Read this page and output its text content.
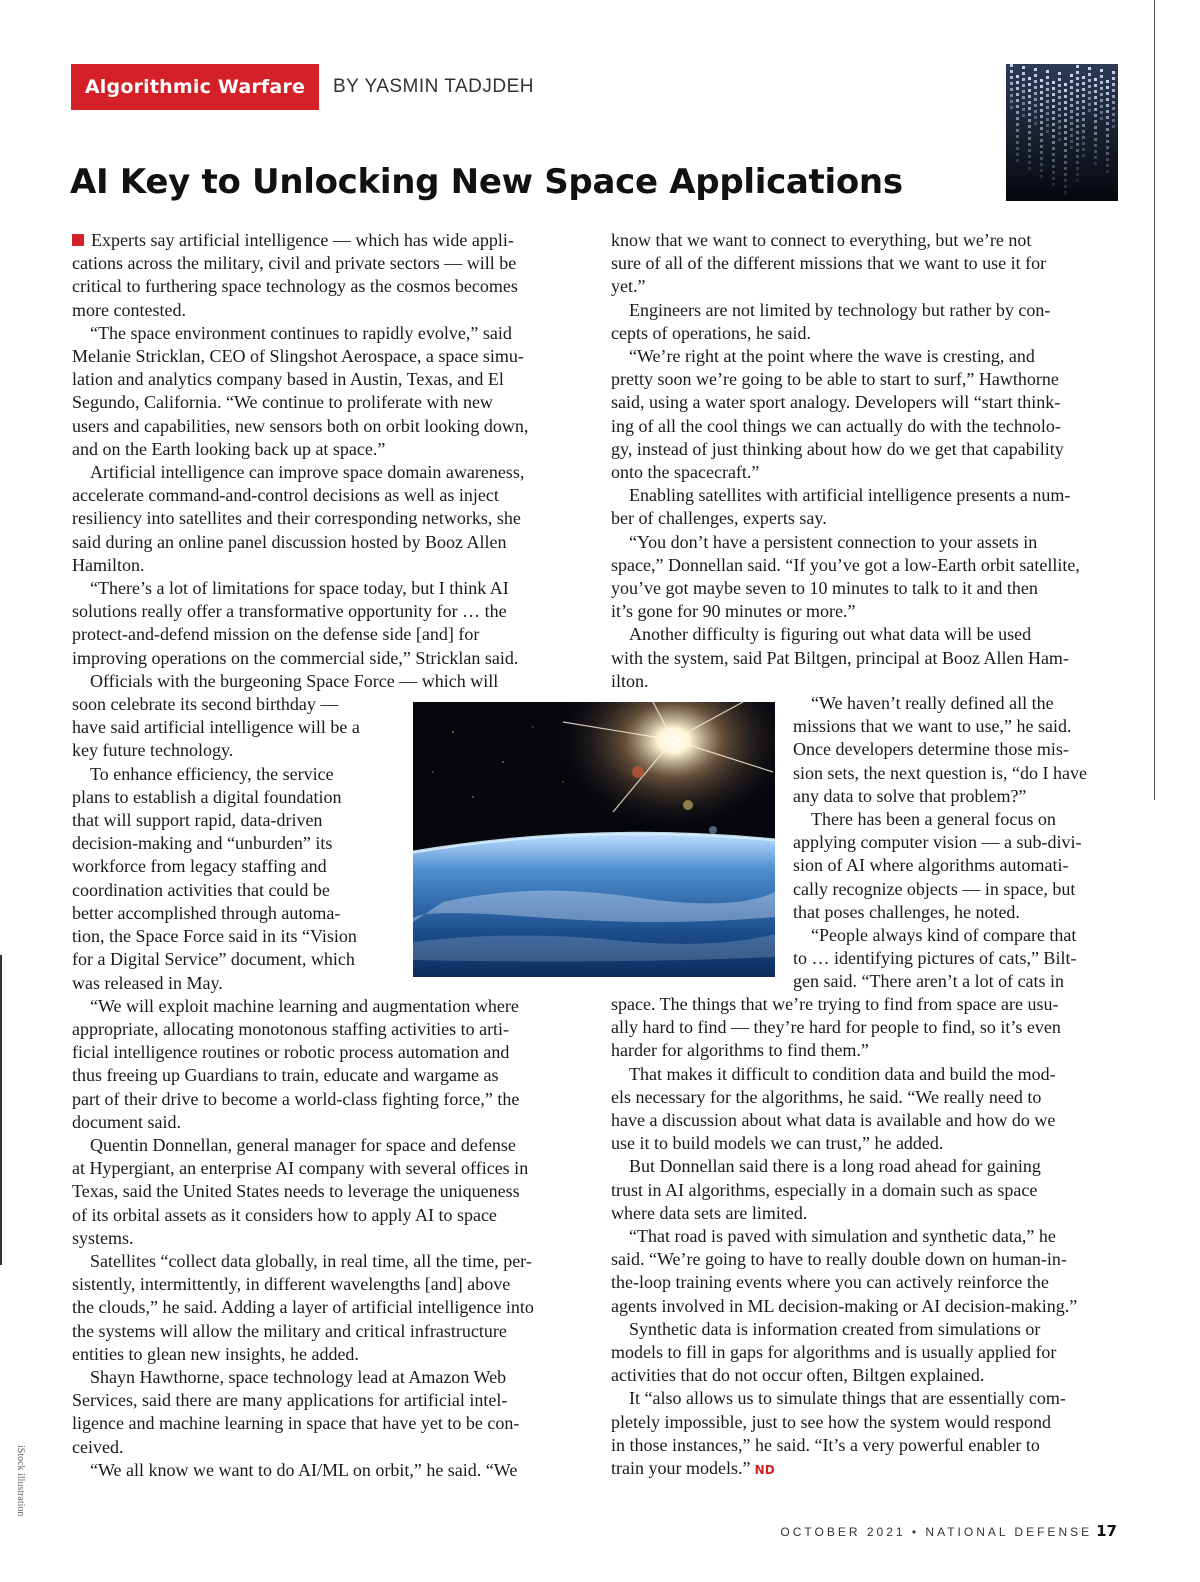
Algorithmic Warfare	BY YASMIN TADJDEH
AI Key to Unlocking New Space Applications

Experts say artificial intelligence — which has wide appli-
cations across the military, civil and private sectors — will be
critical to furthering space technology as the cosmos becomes
more contested.

“The space environment continues to rapidly evolve,” said
Melanie Stricklan, CEO of Slingshot Aerospace, a space simu-
lation and analytics company based in Austin, Texas, and El
Segundo, California. “We continue to proliferate with new
users and capabilities, new sensors both on orbit looking down,
and on the Earth looking back up at space.”

Artificial intelligence can improve space domain awareness,
accelerate command-and-control decisions as well as inject
resiliency into satellites and their corresponding networks, she
said during an online panel discussion hosted by Booz Allen
Hamilton.

“There’s a lot of limitations for space today, but I think AI
solutions really offer a transformative opportunity for … the
protect-and-defend mission on the defense side [and] for
improving operations on the commercial side,” Stricklan said.

Officials with the burgeoning Space Force — which will
soon celebrate its second birthday —
have said artificial intelligence will be a
key future technology.

To enhance efficiency, the service
plans to establish a digital foundation
that will support rapid, data-driven
decision-making and “unburden” its
workforce from legacy staffing and
coordination activities that could be
better accomplished through automa-
tion, the Space Force said in its “Vision
for a Digital Service” document, which
was released in May.

“We will exploit machine learning and augmentation where
appropriate, allocating monotonous staffing activities to arti-
ficial intelligence routines or robotic process automation and
thus freeing up Guardians to train, educate and wargame as
part of their drive to become a world-class fighting force,” the
document said.

Quentin Donnellan, general manager for space and defense
at Hypergiant, an enterprise AI company with several offices in
Texas, said the United States needs to leverage the uniqueness
of its orbital assets as it considers how to apply AI to space
systems.

Satellites “collect data globally, in real time, all the time, per-
sistently, intermittently, in different wavelengths [and] above
the clouds,” he said. Adding a layer of artificial intelligence into
the systems will allow the military and critical infrastructure
entities to glean new insights, he added.

Shayn Hawthorne, space technology lead at Amazon Web
Services, said there are many applications for artificial intel-
ligence and machine learning in space that have yet to be con-
ceived.

“We all know we want to do AI/ML on orbit,” he said. “We

know that we want to connect to everything, but we’re not
sure of all of the different missions that we want to use it for
yet.”

Engineers are not limited by technology but rather by con-
cepts of operations, he said.

“We’re right at the point where the wave is cresting, and
pretty soon we’re going to be able to start to surf,” Hawthorne
said, using a water sport analogy. Developers will “start think-
ing of all the cool things we can actually do with the technolo-
gy, instead of just thinking about how do we get that capability
onto the spacecraft.”

Enabling satellites with artificial intelligence presents a num-
ber of challenges, experts say.

“You don’t have a persistent connection to your assets in
space,” Donnellan said. “If you’ve got a low-Earth orbit satellite,
you’ve got maybe seven to 10 minutes to talk to it and then
it’s gone for 90 minutes or more.”

Another difficulty is figuring out what data will be used
with the system, said Pat Biltgen, principal at Booz Allen Ham-
ilton.

“We haven’t really defined all the
missions that we want to use,” he said.
Once developers determine those mis-
sion sets, the next question is, “do I have
any data to solve that problem?”

There has been a general focus on
applying computer vision — a sub-divi-
sion of AI where algorithms automati-
cally recognize objects — in space, but
that poses challenges, he noted.

“People always kind of compare that
to … identifying pictures of cats,” Bilt-
gen said. “There aren’t a lot of cats in

space. The things that we’re trying to find from space are usu-
ally hard to find — they’re hard for people to find, so it’s even
harder for algorithms to find them.”

That makes it difficult to condition data and build the mod-
els necessary for the algorithms, he said. “We really need to
have a discussion about what data is available and how do we
use it to build models we can trust,” he added.

But Donnellan said there is a long road ahead for gaining
trust in AI algorithms, especially in a domain such as space
where data sets are limited.

“That road is paved with simulation and synthetic data,” he
said. “We’re going to have to really double down on human-in-
the-loop training events where you can actively reinforce the
agents involved in ML decision-making or AI decision-making.”

Synthetic data is information created from simulations or
models to fill in gaps for algorithms and is usually applied for
activities that do not occur often, Biltgen explained.

It “also allows us to simulate things that are essentially com-
pletely impossible, just to see how the system would respond
in those instances,” he said. “It’s a very powerful enabler to
train your models.” ND

iStock illustration
OCTOBER 2021 • NATIONAL DEFENSE 17
